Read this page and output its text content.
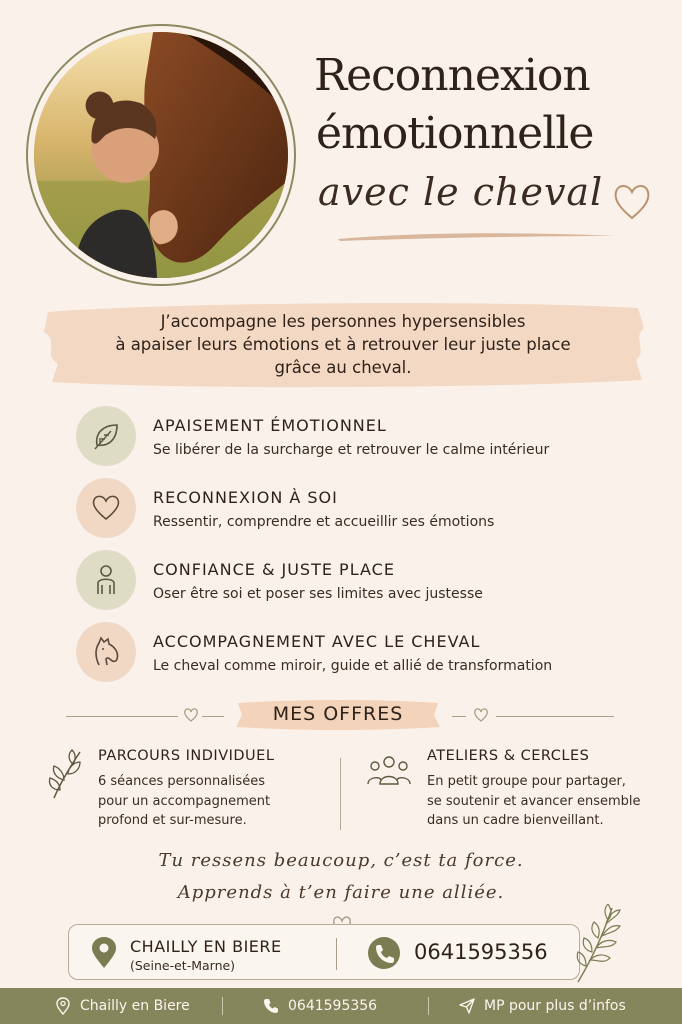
Reconnexion
émotionnelle
avec le cheval
J’accompagne les personnes hypersensibles
à apaiser leurs émotions et à retrouver leur juste place
grâce au cheval.
APAISEMENT ÉMOTIONNEL
Se libérer de la surcharge et retrouver le calme intérieur
RECONNEXION À SOI
Ressentir, comprendre et accueillir ses émotions
CONFIANCE & JUSTE PLACE
Oser être soi et poser ses limites avec justesse
ACCOMPAGNEMENT AVEC LE CHEVAL
Le cheval comme miroir, guide et allié de transformation
MES OFFRES
PARCOURS INDIVIDUEL
6 séances personnalisées
pour un accompagnement
profond et sur-mesure.
ATELIERS & CERCLES
En petit groupe pour partager,
se soutenir et avancer ensemble
dans un cadre bienveillant.
Tu ressens beaucoup, c’est ta force.
Apprends à t’en faire une alliée.
CHAILLY EN BIERE
(Seine-et-Marne)
0641595356
Chailly en Biere	0641595356	MP pour plus d’infos
